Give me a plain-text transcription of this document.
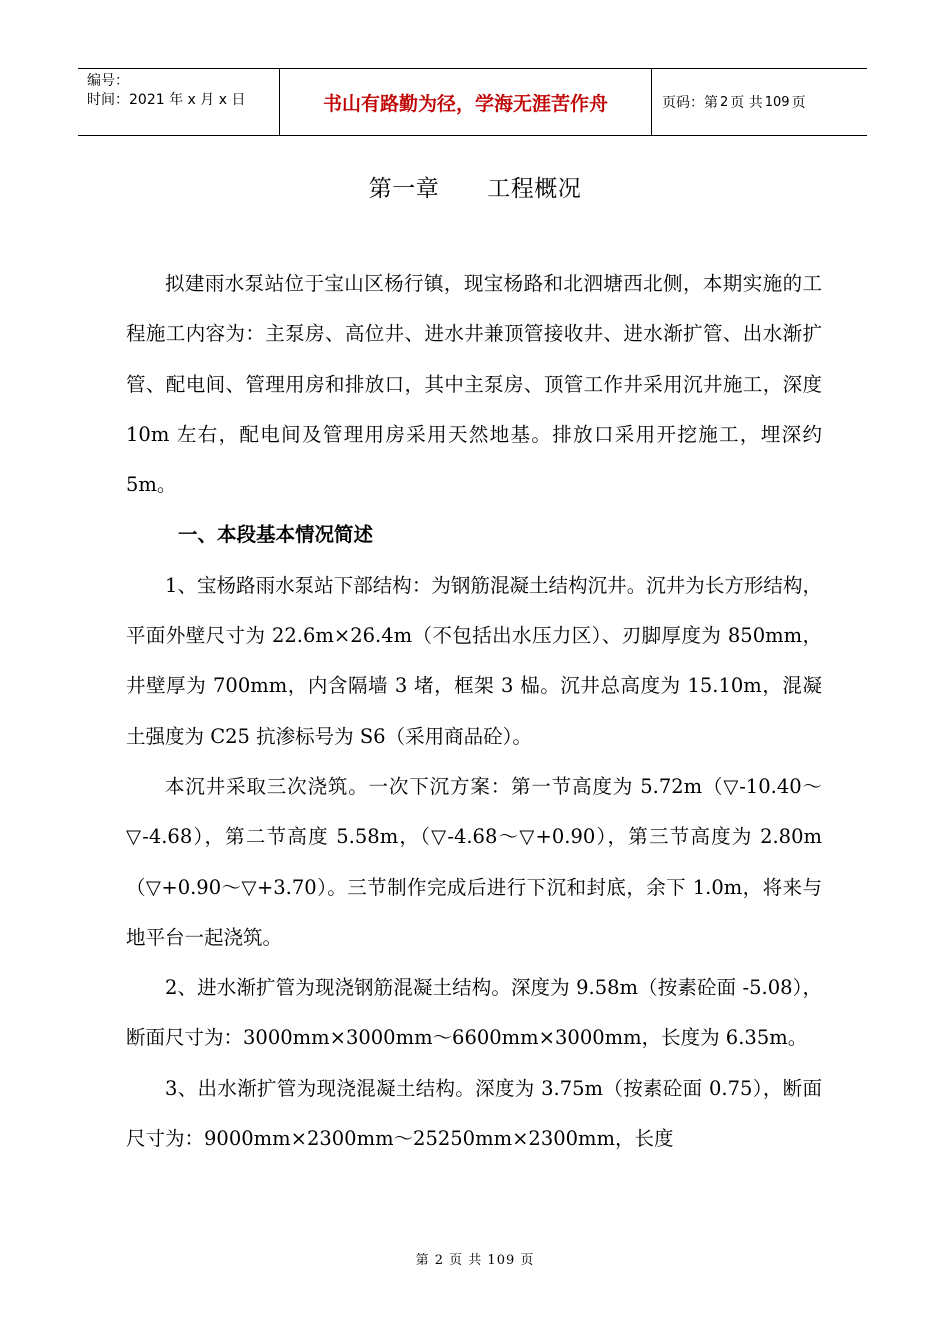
编号：
时间：2021 年 x 月 x 日	书山有路勤为径，学海无涯苦作舟	页码：第 2 页 共 109 页
第一章 工程概况

拟建雨水泵站位于宝山区杨行镇，现宝杨路和北泗塘西北侧，本期实施的工程施工内容为：主泵房、高位井、进水井兼顶管接收井、进水渐扩管、出水渐扩管、配电间、管理用房和排放口，其中主泵房、顶管工作井采用沉井施工，深度 10m 左右，配电间及管理用房采用天然地基。排放口采用开挖施工，埋深约 5m。

一、本段基本情况简述

1、宝杨路雨水泵站下部结构：为钢筋混凝土结构沉井。沉井为长方形结构，平面外壁尺寸为 22.6m×26.4m（不包括出水压力区）、刃脚厚度为 850mm，井壁厚为 700mm，内含隔墙 3 堵，框架 3 榀。沉井总高度为 15.10m，混凝土强度为 C25 抗渗标号为 S6（采用商品砼）。

本沉井采取三次浇筑。一次下沉方案：第一节高度为 5.72m（▽-10.40～▽-4.68），第二节高度 5.58m，（▽-4.68～▽+0.90），第三节高度为 2.80m（▽+0.90～▽+3.70）。三节制作完成后进行下沉和封底，余下 1.0m，将来与地平台一起浇筑。

2、进水渐扩管为现浇钢筋混凝土结构。深度为 9.58m（按素砼面 -5.08），断面尺寸为：3000mm×3000mm～6600mm×3000mm，长度为 6.35m。

3、出水渐扩管为现浇混凝土结构。深度为 3.75m（按素砼面 0.75），断面尺寸为：9000mm×2300mm～25250mm×2300mm，长度

第 2 页 共 109 页
